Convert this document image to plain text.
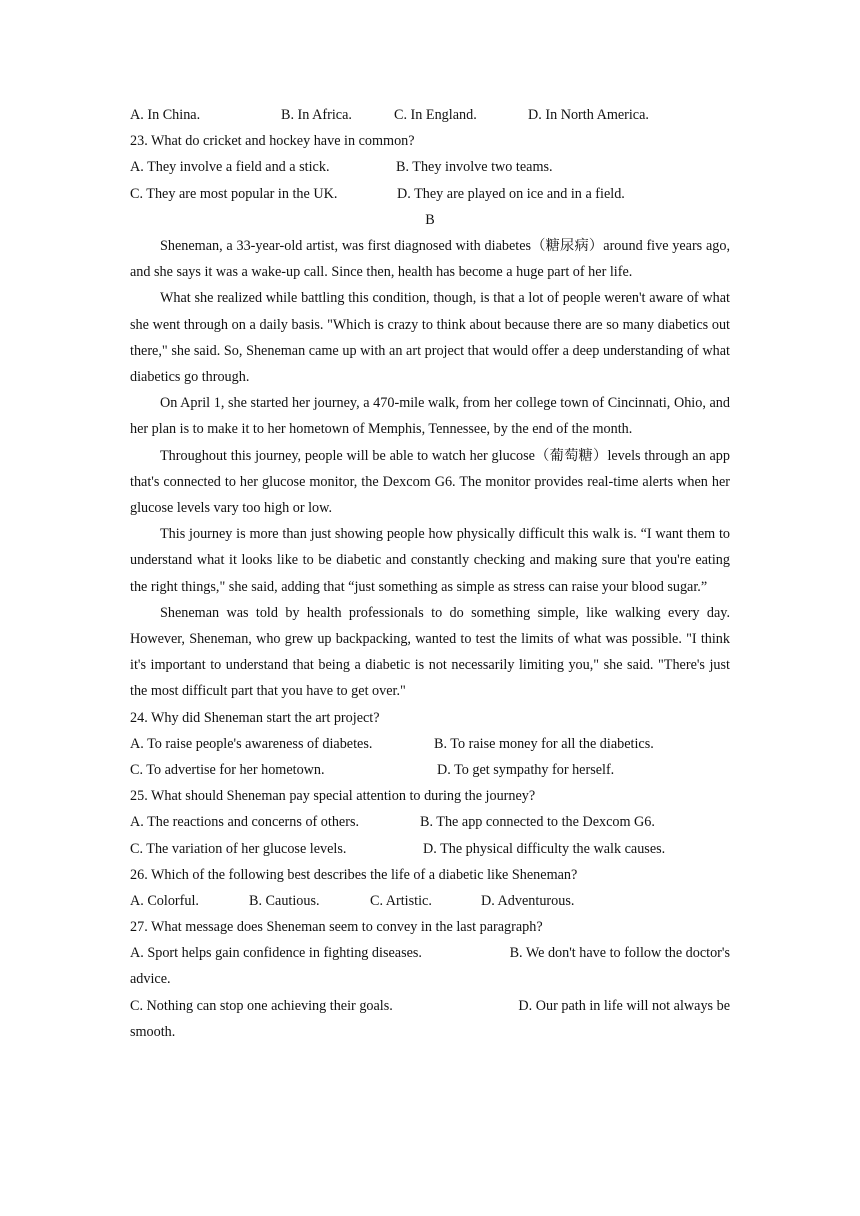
A. In China.	B. In Africa.	C. In England.	D. In North America.
23. What do cricket and hockey have in common?
A. They involve a field and a stick.	B. They involve two teams.
C. They are most popular in the UK.	D. They are played on ice and in a field.
B

Sheneman, a 33-year-old artist, was first diagnosed with diabetes（糖尿病）around five years ago, and she says it was a wake-up call. Since then, health has become a huge part of her life.

What she realized while battling this condition, though, is that a lot of people weren't aware of what she went through on a daily basis. "Which is crazy to think about because there are so many diabetics out there," she said. So, Sheneman came up with an art project that would offer a deep understanding of what diabetics go through.

On April 1, she started her journey, a 470-mile walk, from her college town of Cincinnati, Ohio, and her plan is to make it to her hometown of Memphis, Tennessee, by the end of the month.

Throughout this journey, people will be able to watch her glucose（葡萄糖）levels through an app that's connected to her glucose monitor, the Dexcom G6. The monitor provides real-time alerts when her glucose levels vary too high or low.

This journey is more than just showing people how physically difficult this walk is. “I want them to understand what it looks like to be diabetic and constantly checking and making sure that you're eating the right things," she said, adding that “just something as simple as stress can raise your blood sugar.”

Sheneman was told by health professionals to do something simple, like walking every day. However, Sheneman, who grew up backpacking, wanted to test the limits of what was possible. "I think it's important to understand that being a diabetic is not necessarily limiting you," she said. "There's just the most difficult part that you have to get over."

24. Why did Sheneman start the art project?
A. To raise people's awareness of diabetes.	B. To raise money for all the diabetics.
C. To advertise for her hometown.	D. To get sympathy for herself.
25. What should Sheneman pay special attention to during the journey?
A. The reactions and concerns of others.	B. The app connected to the Dexcom G6.
C. The variation of her glucose levels.	D. The physical difficulty the walk causes.
26. Which of the following best describes the life of a diabetic like Sheneman?
A. Colorful.	B. Cautious.	C. Artistic.	D. Adventurous.
27. What message does Sheneman seem to convey in the last paragraph?
A. Sport helps gain confidence in fighting diseases.	B. We don't have to follow the doctor's
advice.
C. Nothing can stop one achieving their goals.	D. Our path in life will not always be
smooth.
